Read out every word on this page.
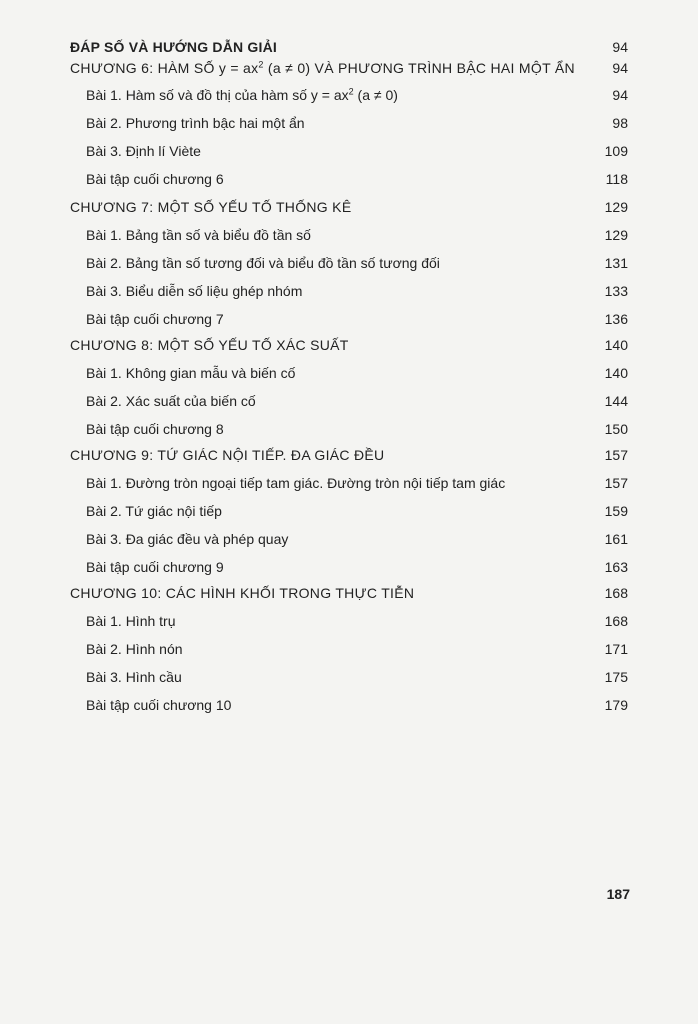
ĐÁP SỐ VÀ HƯỚNG DẪN GIẢI	94
CHƯƠNG 6: HÀM SỐ $y = ax^2$ (a ≠ 0) VÀ PHƯƠNG TRÌNH BẬC HAI MỘT ẨN	94
Bài 1. Hàm số và đồ thị của hàm số $y = ax^2$ (a ≠ 0)	94
Bài 2. Phương trình bậc hai một ẩn	98
Bài 3. Định lí Viète	109
Bài tập cuối chương 6	118
CHƯƠNG 7: MỘT SỐ YẾU TỐ THỐNG KÊ	129
Bài 1. Bảng tần số và biểu đồ tần số	129
Bài 2. Bảng tần số tương đối và biểu đồ tần số tương đối	131
Bài 3. Biểu diễn số liệu ghép nhóm	133
Bài tập cuối chương 7	136
CHƯƠNG 8: MỘT SỐ YẾU TỐ XÁC SUẤT	140
Bài 1. Không gian mẫu và biến cố	140
Bài 2. Xác suất của biến cố	144
Bài tập cuối chương 8	150
CHƯƠNG 9: TỨ GIÁC NỘI TIẾP. ĐA GIÁC ĐỀU	157
Bài 1. Đường tròn ngoại tiếp tam giác. Đường tròn nội tiếp tam giác	157
Bài 2. Tứ giác nội tiếp	159
Bài 3. Đa giác đều và phép quay	161
Bài tập cuối chương 9	163
CHƯƠNG 10: CÁC HÌNH KHỐI TRONG THỰC TIỄN	168
Bài 1. Hình trụ	168
Bài 2. Hình nón	171
Bài 3. Hình cầu	175
Bài tập cuối chương 10	179
187
